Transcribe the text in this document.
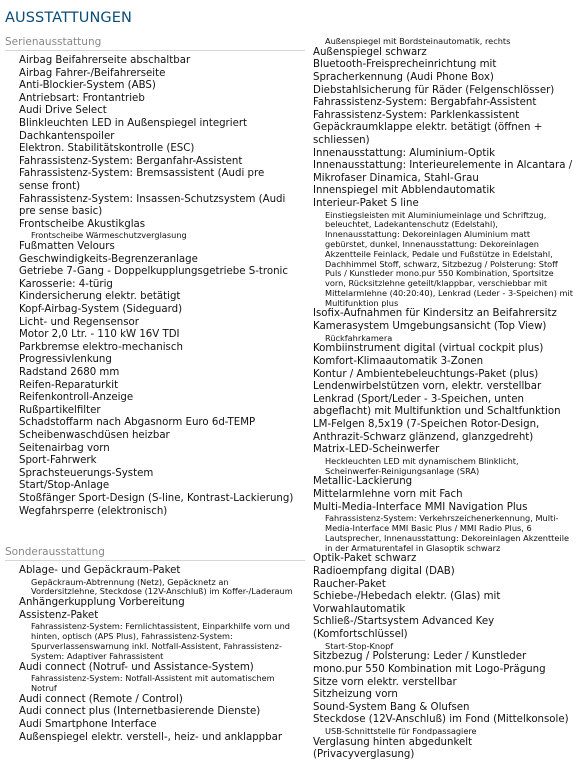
AUSSTATTUNGEN
Serienausstattung
Airbag Beifahrerseite abschaltbar
Airbag Fahrer-/Beifahrerseite
Anti-Blockier-System (ABS)
Antriebsart: Frontantrieb
Audi Drive Select
Blinkleuchten LED in Außenspiegel integriert
Dachkantenspoiler
Elektron. Stabilitätskontrolle (ESC)
Fahrassistenz-System: Berganfahr-Assistent
Fahrassistenz-System: Bremsassistent (Audi pre sense front)
Fahrassistenz-System: Insassen-Schutzsystem (Audi pre sense basic)
Frontscheibe Akustikglas
Frontscheibe Wärmeschutzverglasung
Fußmatten Velours
Geschwindigkeits-Begrenzeranlage
Getriebe 7-Gang - Doppelkupplungsgetriebe S-tronic
Karosserie: 4-türig
Kindersicherung elektr. betätigt
Kopf-Airbag-System (Sideguard)
Licht- und Regensensor
Motor 2,0 Ltr. - 110 kW 16V TDI
Parkbremse elektro-mechanisch
Progressivlenkung
Radstand 2680 mm
Reifen-Reparaturkit
Reifenkontroll-Anzeige
Rußpartikelfilter
Schadstoffarm nach Abgasnorm Euro 6d-TEMP
Scheibenwaschdüsen heizbar
Seitenairbag vorn
Sport-Fahrwerk
Sprachsteuerungs-System
Start/Stop-Anlage
Stoßfänger Sport-Design (S-line, Kontrast-Lackierung)
Wegfahrsperre (elektronisch)
Sonderausstattung
Ablage- und Gepäckraum-Paket
Gepäckraum-Abtrennung (Netz), Gepäcknetz an Vordersitzlehne, Steckdose (12V-Anschluß) im Koffer-/Laderaum
Anhängerkupplung Vorbereitung
Assistenz-Paket
Fahrassistenz-System: Fernlichtassistent, Einparkhilfe vorn und hinten, optisch (APS Plus), Fahrassistenz-System: Spurverlassenswarnung inkl. Notfall-Assistent, Fahrassistenz-System: Adaptiver Fahrassistent
Audi connect (Notruf- und Assistance-System)
Fahrassistenz-System: Notfall-Assistent mit automatischem Notruf
Audi connect (Remote / Control)
Audi connect plus (Internetbasierende Dienste)
Audi Smartphone Interface
Außenspiegel elektr. verstell-, heiz- und anklappbar
Außenspiegel mit Bordsteinautomatik, rechts
Außenspiegel schwarz
Bluetooth-Freisprecheinrichtung mit Spracherkennung (Audi Phone Box)
Diebstahlsicherung für Räder (Felgenschlösser)
Fahrassistenz-System: Bergabfahr-Assistent
Fahrassistenz-System: Parklenkassistent
Gepäckraumklappe elektr. betätigt (öffnen + schliessen)
Innenausstattung: Aluminium-Optik
Innenausstattung: Interieurelemente in Alcantara / Mikrofaser Dinamica, Stahl-Grau
Innenspiegel mit Abblendautomatik
Interieur-Paket S line
Einstiegsleisten mit Aluminiumeinlage und Schriftzug, beleuchtet, Ladekantenschutz (Edelstahl), Innenausstattung: Dekoreinlagen Aluminium matt gebürstet, dunkel, Innenausstattung: Dekoreinlagen Akzentteile Feinlack, Pedale und Fußstütze in Edelstahl, Dachhimmel Stoff, schwarz, Sitzbezug / Polsterung: Stoff Puls / Kunstleder mono.pur 550 Kombination, Sportsitze vorn, Rücksitzlehne geteilt/klappbar, verschiebbar mit Mittelarmlehne (40:20:40), Lenkrad (Leder - 3-Speichen) mit Multifunktion plus
Isofix-Aufnahmen für Kindersitz an Beifahrersitz
Kamerasystem Umgebungsansicht (Top View)
Rückfahrkamera
Kombiinstrument digital (virtual cockpit plus)
Komfort-Klimaautomatik 3-Zonen
Kontur / Ambientebeleuchtungs-Paket (plus)
Lendenwirbelstützen vorn, elektr. verstellbar
Lenkrad (Sport/Leder - 3-Speichen, unten abgeflacht) mit Multifunktion und Schaltfunktion
LM-Felgen 8,5x19 (7-Speichen Rotor-Design, Anthrazit-Schwarz glänzend, glanzgedreht)
Matrix-LED-Scheinwerfer
Heckleuchten LED mit dynamischem Blinklicht, Scheinwerfer-Reinigungsanlage (SRA)
Metallic-Lackierung
Mittelarmlehne vorn mit Fach
Multi-Media-Interface MMI Navigation Plus
Fahrassistenz-System: Verkehrszeichenerkennung, Multi-Media-Interface MMI Basic Plus / MMI Radio Plus, 6 Lautsprecher, Innenausstattung: Dekoreinlagen Akzentteile in der Armaturentafel in Glasoptik schwarz
Optik-Paket schwarz
Radioempfang digital (DAB)
Raucher-Paket
Schiebe-/Hebedach elektr. (Glas) mit Vorwahlautomatik
Schließ-/Startsystem Advanced Key (Komfortschlüssel)
Start-Stop-Knopf
Sitzbezug / Polsterung: Leder / Kunstleder mono.pur 550 Kombination mit Logo-Prägung
Sitze vorn elektr. verstellbar
Sitzheizung vorn
Sound-System Bang & Olufsen
Steckdose (12V-Anschluß) im Fond (Mittelkonsole)
USB-Schnittstelle für Fondpassagiere
Verglasung hinten abgedunkelt (Privacyverglasung)
